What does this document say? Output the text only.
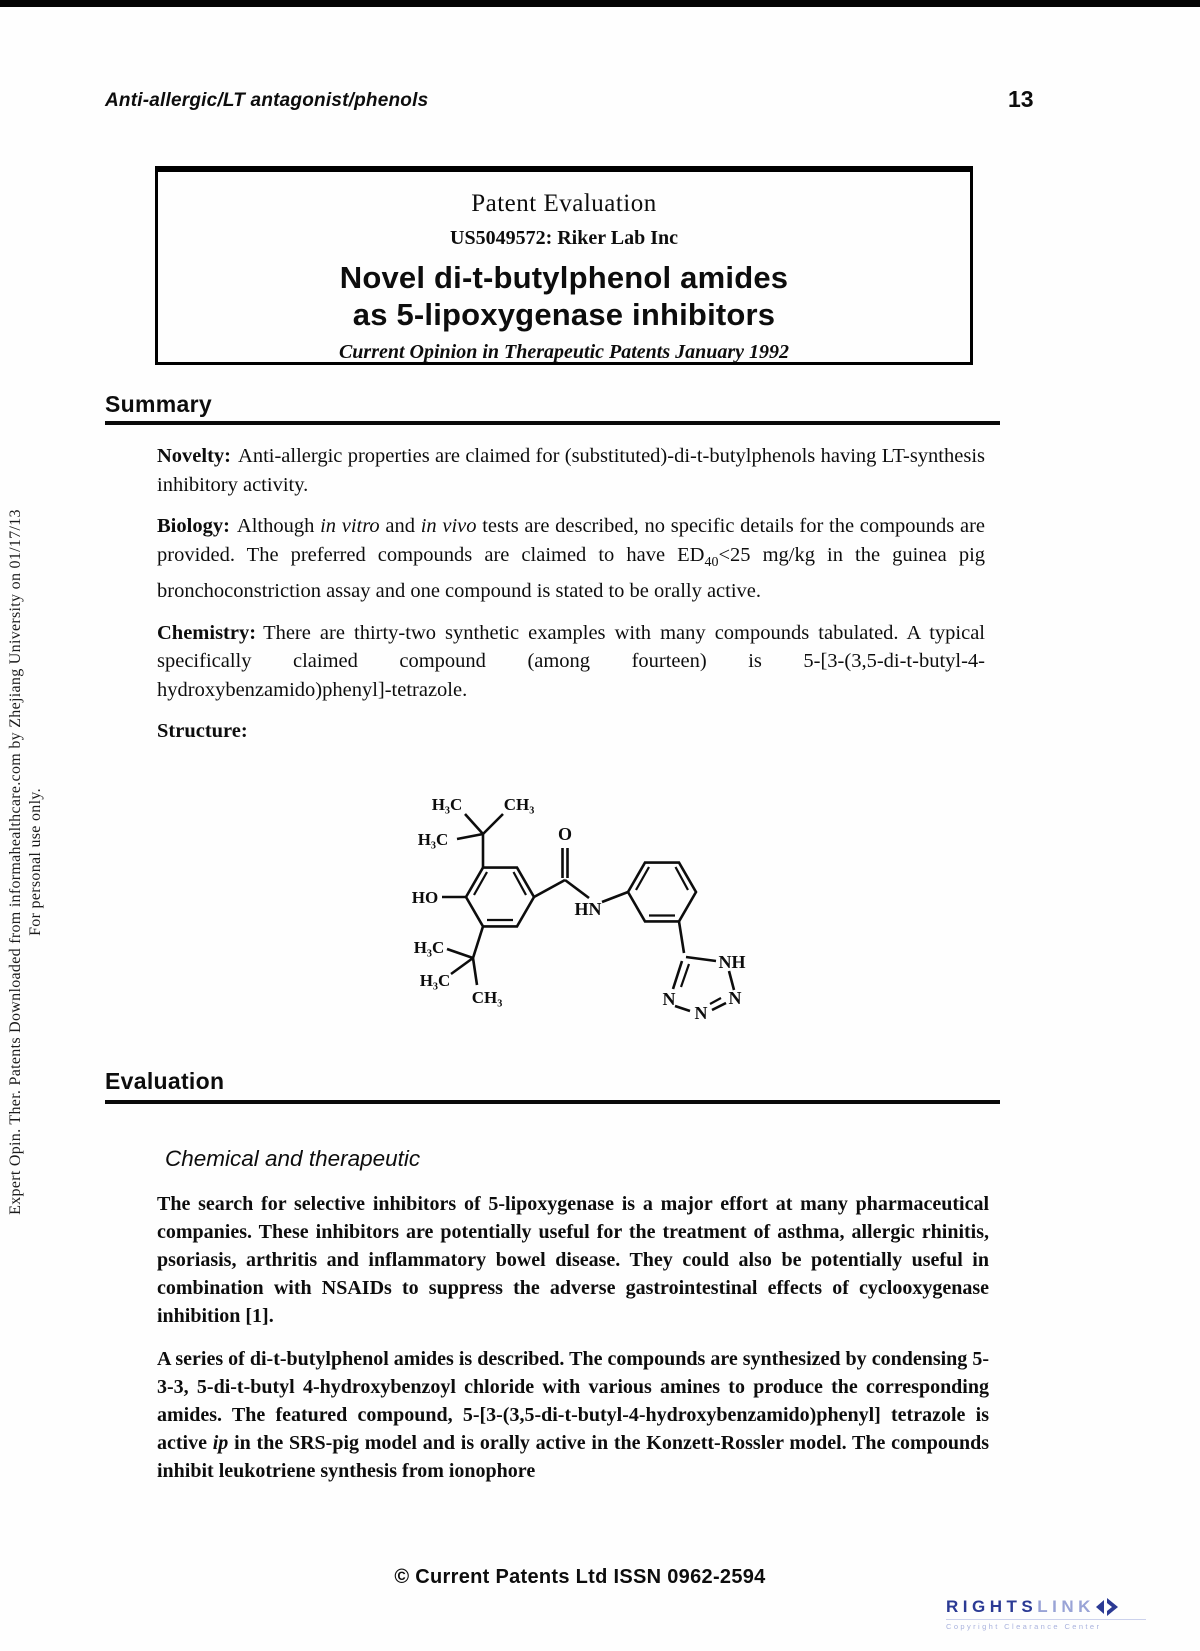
Anti-allergic/LT antagonist/phenols	13
Patent Evaluation
US5049572: Riker Lab Inc
Novel di-t-butylphenol amides
as 5-lipoxygenase inhibitors
Current Opinion in Therapeutic Patents January 1992
Summary

Novelty: Anti-allergic properties are claimed for (substituted)-di-t-butylphenols having LT-synthesis inhibitory activity.

Biology: Although in vitro and in vivo tests are described, no specific details for the compounds are provided. The preferred compounds are claimed to have $ED_{40}<25$ mg/kg in the guinea pig bronchoconstriction assay and one compound is stated to be orally active.

Chemistry: There are thirty-two synthetic examples with many compounds tabulated. A typical specifically claimed compound (among fourteen) is 5-[3-(3,5-di-t-butyl-4-hydroxybenzamido)phenyl]-tetrazole.

Structure:

HO
H₃C CH₃
H₃C
H₃C
H₃C
CH₃
O
HN
NH
N
N
N
Evaluation
Chemical and therapeutic

The search for selective inhibitors of 5-lipoxygenase is a major effort at many pharmaceutical companies. These inhibitors are potentially useful for the treatment of asthma, allergic rhinitis, psoriasis, arthritis and inflammatory bowel disease. They could also be potentially useful in combination with NSAIDs to suppress the adverse gastrointestinal effects of cyclooxygenase inhibition [1].

A series of di-t-butylphenol amides is described. The compounds are synthesized by condensing 5-3-3, 5-di-t-butyl 4-hydroxybenzoyl chloride with various amines to produce the corresponding amides. The featured compound, 5-[3-(3,5-di-t-butyl-4-hydroxybenzamido)phenyl] tetrazole is active ip in the SRS-pig model and is orally active in the Konzett-Rossler model. The compounds inhibit leukotriene synthesis from ionophore

© Current Patents Ltd ISSN 0962-2594
RIGHTS LINK
Copyright Clearance Center
Expert Opin. Ther. Patents Downloaded from informahealthcare.com by Zhejiang University on 01/17/13 For personal use only.
